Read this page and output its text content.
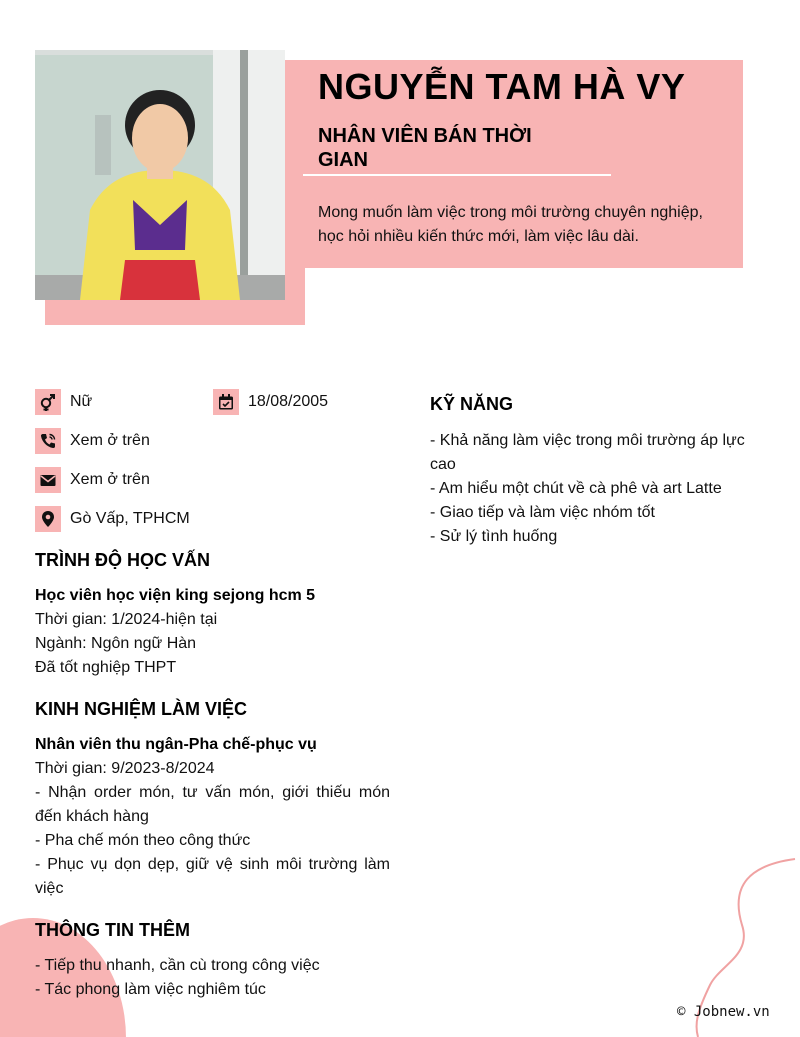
NGUYỄN TAM HÀ VY
NHÂN VIÊN BÁN THỜI GIAN
Mong muốn làm việc trong môi trường chuyên nghiệp, học hỏi nhiều kiến thức mới, làm việc lâu dài.
Nữ	18/08/2005
Xem ở trên
Xem ở trên
Gò Vấp, TPHCM
TRÌNH ĐỘ HỌC VẤN
Học viên học viện king sejong hcm 5
Thời gian: 1/2024-hiện tại
Ngành: Ngôn ngữ Hàn
Đã tốt nghiệp THPT
KINH NGHIỆM LÀM VIỆC
Nhân viên thu ngân-Pha chế-phục vụ
Thời gian: 9/2023-8/2024
- Nhận order món, tư vấn món, giới thiếu món đến khách hàng
- Pha chế món theo công thức
- Phục vụ dọn dẹp, giữ vệ sinh môi trường làm việc
THÔNG TIN THÊM
- Tiếp thu nhanh, cần cù trong công việc
- Tác phong làm việc nghiêm túc
KỸ NĂNG
- Khả năng làm việc trong môi trường áp lực cao
- Am hiểu một chút về cà phê và art Latte
- Giao tiếp và làm việc nhóm tốt
- Sử lý tình huống
© Jobnew.vn
